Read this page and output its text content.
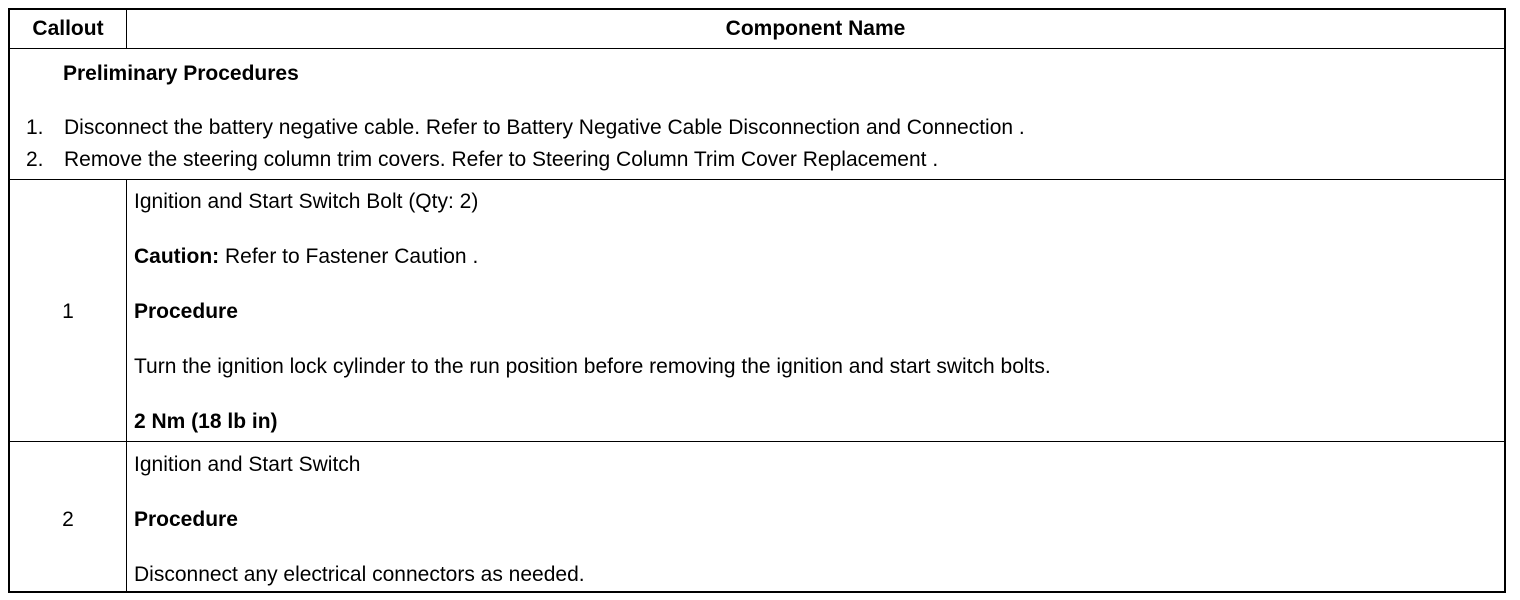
Callout	Component Name
Preliminary Procedures
1. Disconnect the battery negative cable. Refer to Battery Negative Cable Disconnection and Connection .
2. Remove the steering column trim covers. Refer to Steering Column Trim Cover Replacement .
1
Ignition and Start Switch Bolt (Qty: 2)
Caution: Refer to Fastener Caution .
Procedure
Turn the ignition lock cylinder to the run position before removing the ignition and start switch bolts.
2 Nm (18 lb in)
2
Ignition and Start Switch
Procedure
Disconnect any electrical connectors as needed.
